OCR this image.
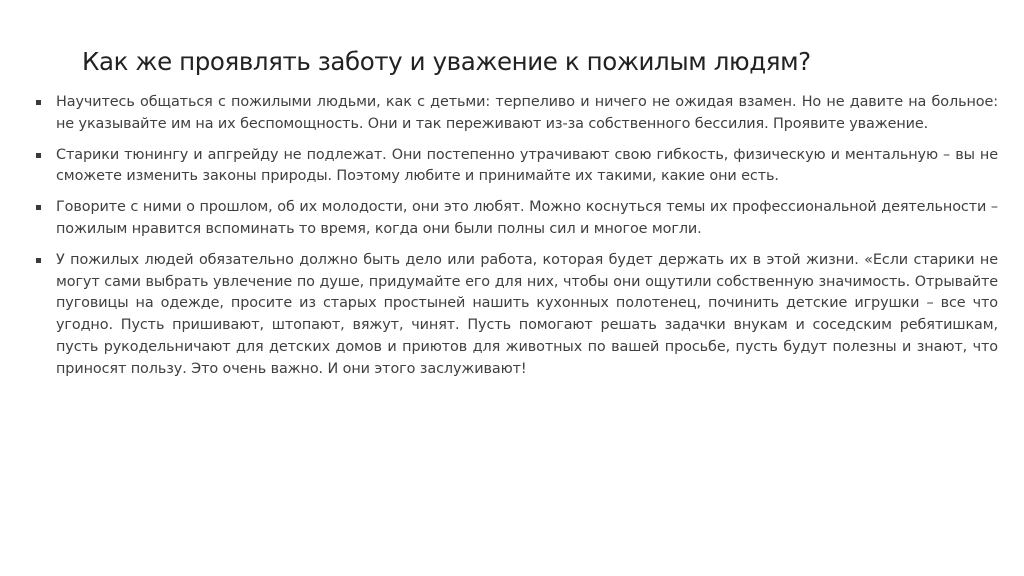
Как же проявлять заботу и уважение к пожилым людям?
Научитесь общаться с пожилыми людьми, как с детьми: терпеливо и ничего не ожидая взамен. Но не давите на больное: не указывайте им на их беспомощность. Они и так переживают из-за собственного бессилия. Проявите уважение.
Старики тюнингу и апгрейду не подлежат. Они постепенно утрачивают свою гибкость, физическую и ментальную – вы не сможете изменить законы природы. Поэтому любите и принимайте их такими, какие они есть.
Говорите с ними о прошлом, об их молодости, они это любят. Можно коснуться темы их профессиональной деятельности – пожилым нравится вспоминать то время, когда они были полны сил и многое могли.
У пожилых людей обязательно должно быть дело или работа, которая будет держать их в этой жизни. «Если старики не могут сами выбрать увлечение по душе, придумайте его для них, чтобы они ощутили собственную значимость. Отрывайте пуговицы на одежде, просите из старых простыней нашить кухонных полотенец, починить детские игрушки – все что угодно. Пусть пришивают, штопают, вяжут, чинят. Пусть помогают решать задачки внукам и соседским ребятишкам, пусть рукодельничают для детских домов и приютов для животных по вашей просьбе, пусть будут полезны и знают, что приносят пользу. Это очень важно. И они этого заслуживают!
